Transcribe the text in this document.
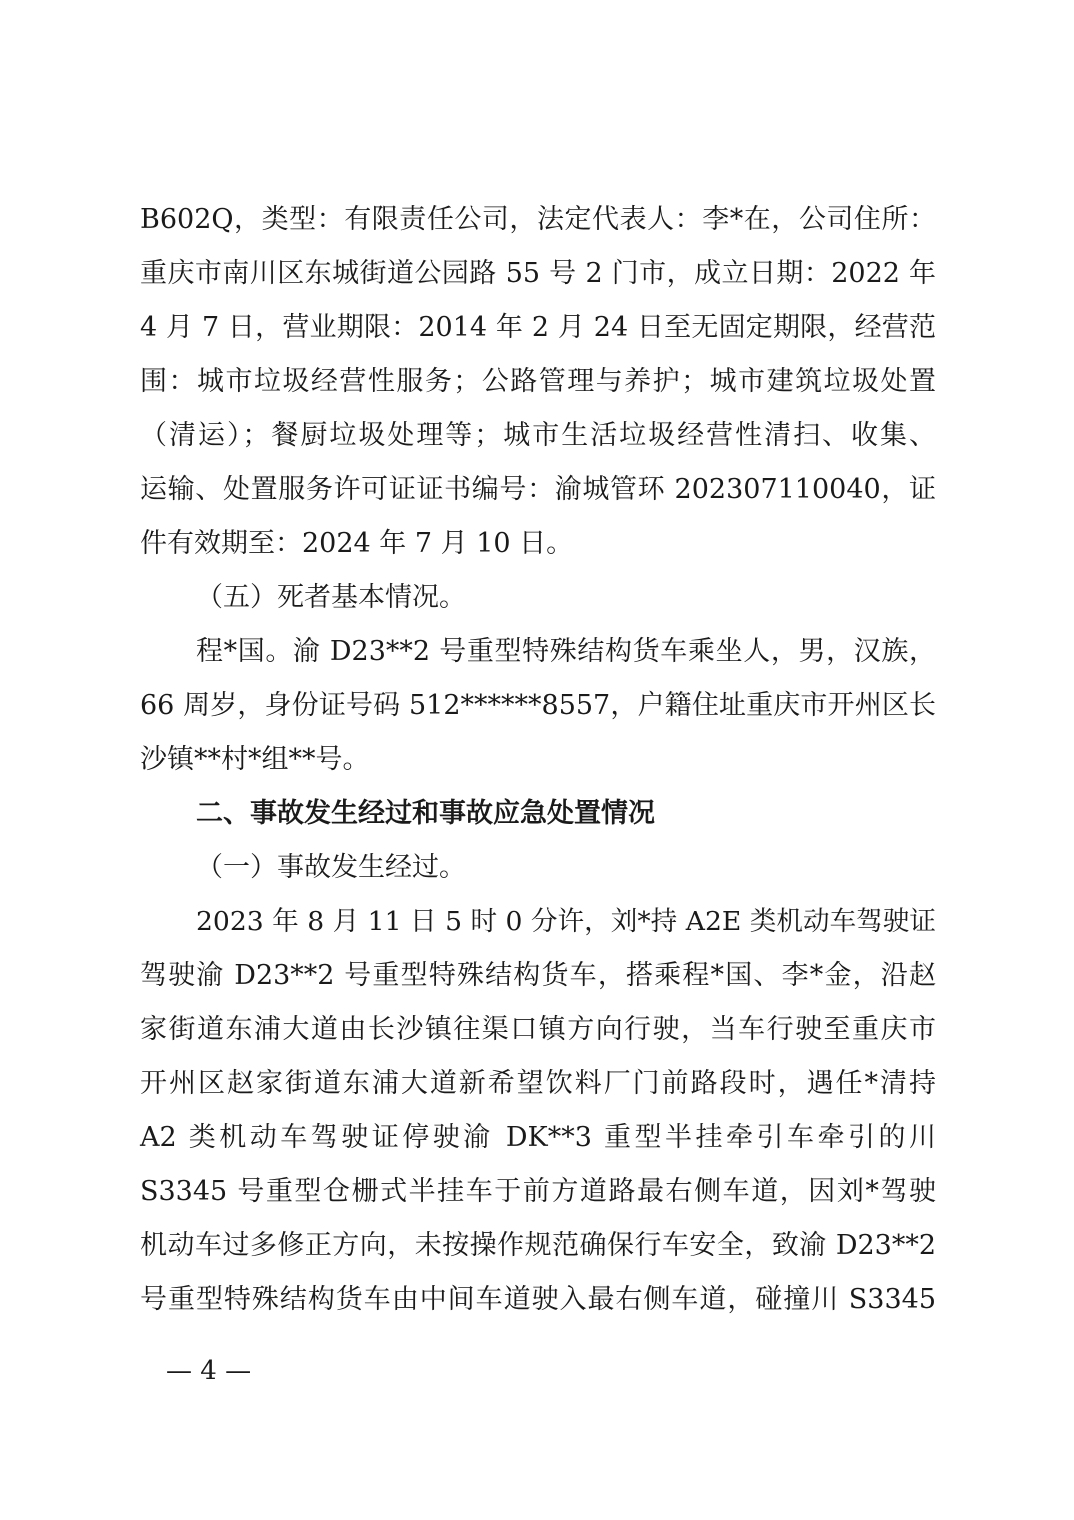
B602Q，类型：有限责任公司，法定代表人：李*在，公司住所：
重庆市南川区东城街道公园路 55 号 2 门市，成立日期：2022 年
4 月 7 日，营业期限：2014 年 2 月 24 日至无固定期限，经营范
围：城市垃圾经营性服务；公路管理与养护；城市建筑垃圾处置
（清运）；餐厨垃圾处理等；城市生活垃圾经营性清扫、收集、
运输、处置服务许可证证书编号：渝城管环 202307110040，证
件有效期至：2024 年 7 月 10 日。
（五）死者基本情况。
程*国。渝 D23**2 号重型特殊结构货车乘坐人，男，汉族，
66 周岁，身份证号码 512******8557，户籍住址重庆市开州区长
沙镇**村*组**号。
二、事故发生经过和事故应急处置情况
（一）事故发生经过。
2023 年 8 月 11 日 5 时 0 分许，刘*持 A2E 类机动车驾驶证
驾驶渝 D23**2 号重型特殊结构货车，搭乘程*国、李*金，沿赵
家街道东浦大道由长沙镇往渠口镇方向行驶，当车行驶至重庆市
开州区赵家街道东浦大道新希望饮料厂门前路段时，遇任*清持
A2 类机动车驾驶证停驶渝 DK**3 重型半挂牵引车牵引的川
S3345 号重型仓栅式半挂车于前方道路最右侧车道，因刘*驾驶
机动车过多修正方向，未按操作规范确保行车安全，致渝 D23**2
号重型特殊结构货车由中间车道驶入最右侧车道，碰撞川 S3345
— 4 —
